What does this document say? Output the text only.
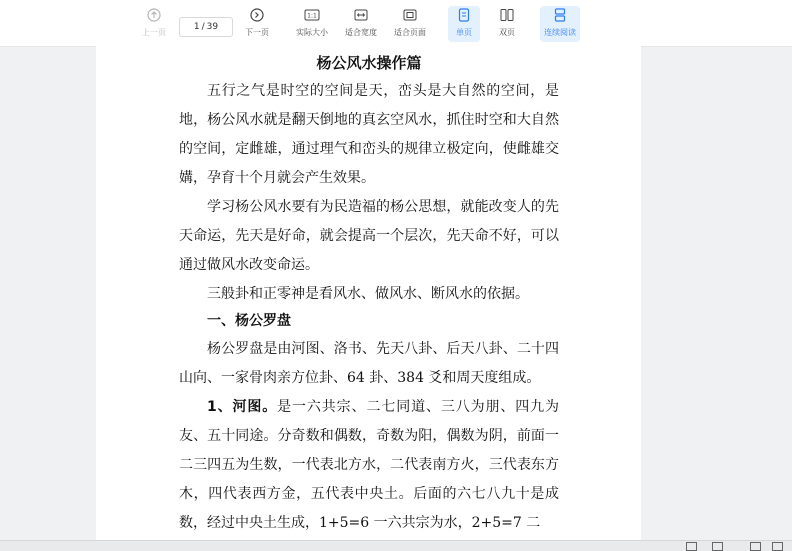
上一页
1 / 39
下一页
1:1
实际大小 适合宽度 适合页面	单页	双页	连续阅读
杨公风水操作篇
五行之气是时空的空间是天，峦头是大自然的空间，是地，杨公风水就是翻天倒地的真玄空风水，抓住时空和大自然的空间，定雌雄，通过理气和峦头的规律立极定向，使雌雄交媾，孕育十个月就会产生效果。
学习杨公风水要有为民造福的杨公思想，就能改变人的先天命运，先天是好命，就会提高一个层次，先天命不好，可以通过做风水改变命运。
三般卦和正零神是看风水、做风水、断风水的依据。
一、杨公罗盘
杨公罗盘是由河图、洛书、先天八卦、后天八卦、二十四山向、一家骨肉亲方位卦、64 卦、384 爻和周天度组成。
1、河图。是一六共宗、二七同道、三八为朋、四九为友、五十同途。分奇数和偶数，奇数为阳，偶数为阴，前面一二三四五为生数，一代表北方水，二代表南方火，三代表东方木，四代表西方金，五代表中央土。后面的六七八九十是成数，经过中央土生成，1+5=6 一六共宗为水，2+5=7 二
